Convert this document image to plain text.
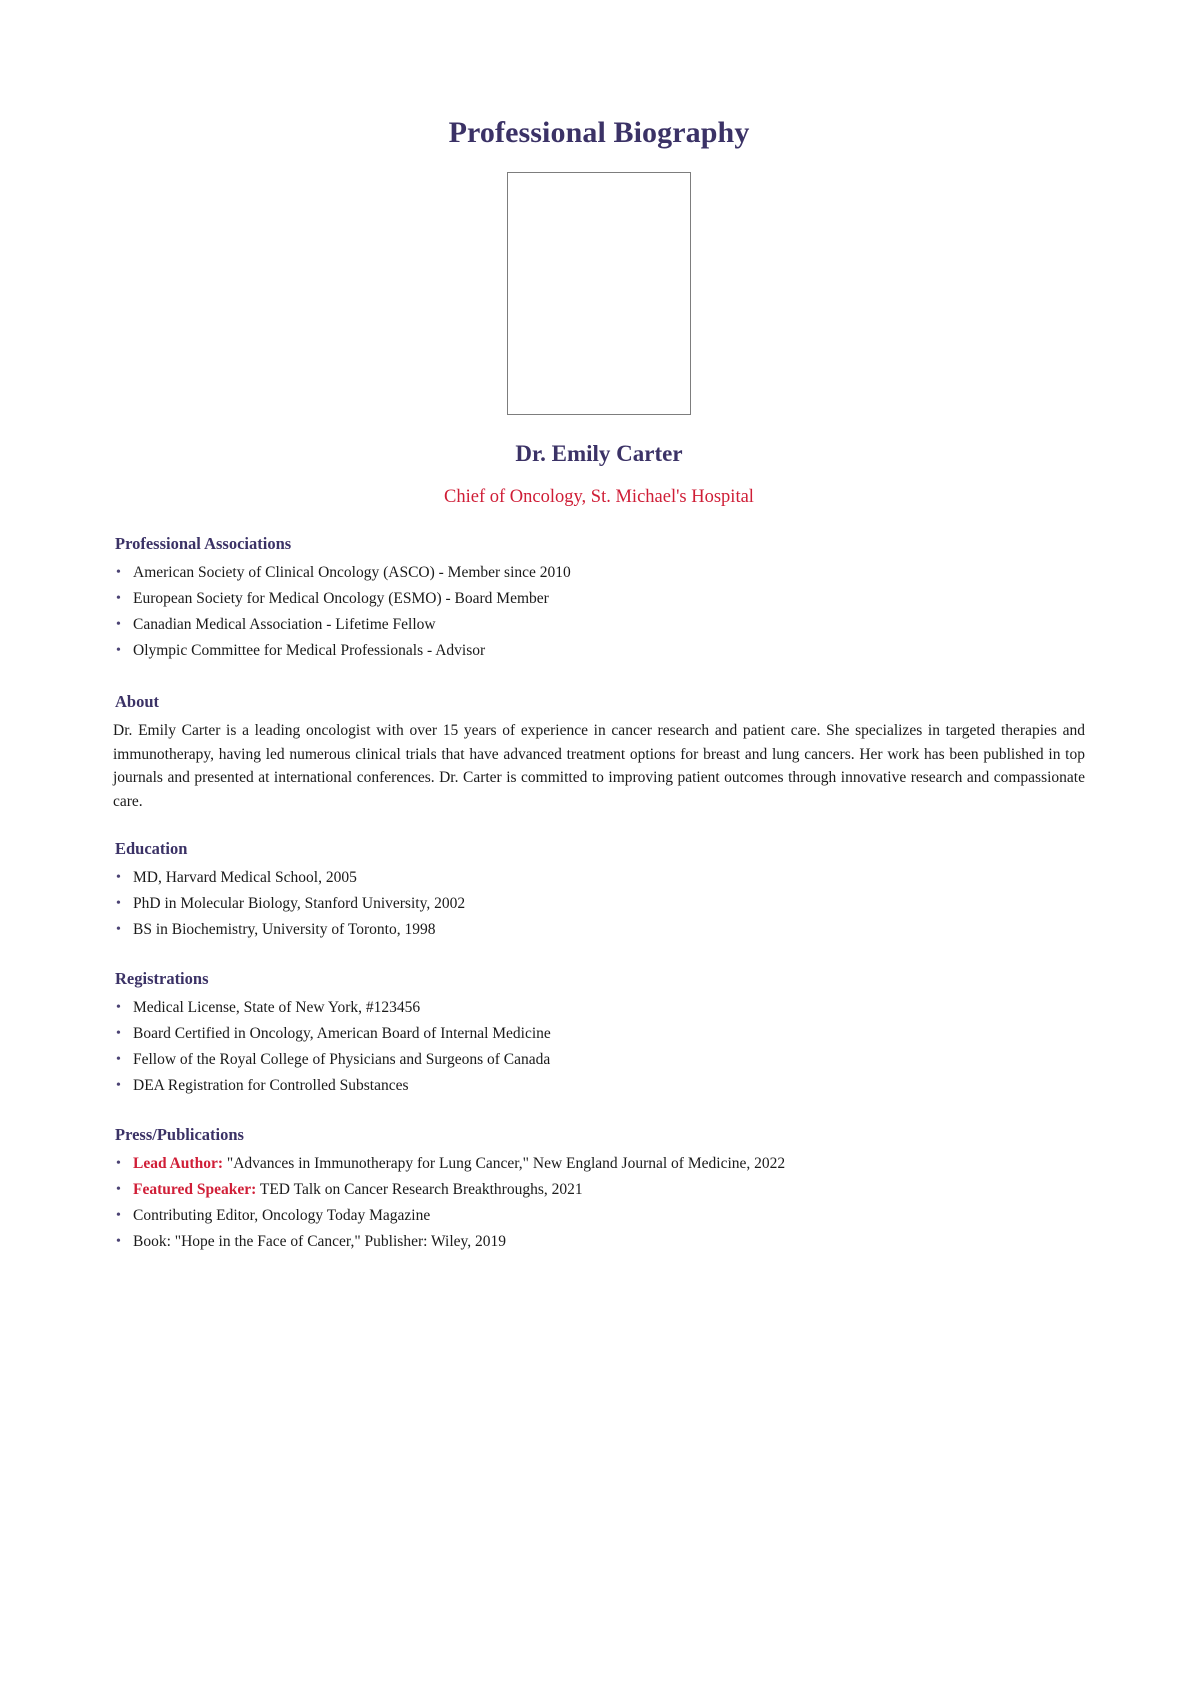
Professional Biography
Dr. Emily Carter

Chief of Oncology, St. Michael's Hospital

Professional Associations
• American Society of Clinical Oncology (ASCO) - Member since 2010
• European Society for Medical Oncology (ESMO) - Board Member
• Canadian Medical Association - Lifetime Fellow
• Olympic Committee for Medical Professionals - Advisor
About

Dr. Emily Carter is a leading oncologist with over 15 years of experience in cancer research and patient care. She specializes in targeted therapies and immunotherapy, having led numerous clinical trials that have advanced treatment options for breast and lung cancers. Her work has been published in top journals and presented at international conferences. Dr. Carter is committed to improving patient outcomes through innovative research and compassionate care.

Education
• MD, Harvard Medical School, 2005
• PhD in Molecular Biology, Stanford University, 2002
• BS in Biochemistry, University of Toronto, 1998
Registrations
• Medical License, State of New York, #123456
• Board Certified in Oncology, American Board of Internal Medicine
• Fellow of the Royal College of Physicians and Surgeons of Canada
• DEA Registration for Controlled Substances
Press/Publications
• Lead Author: "Advances in Immunotherapy for Lung Cancer," New England Journal of Medicine, 2022
• Featured Speaker: TED Talk on Cancer Research Breakthroughs, 2021
• Contributing Editor, Oncology Today Magazine
• Book: "Hope in the Face of Cancer," Publisher: Wiley, 2019
